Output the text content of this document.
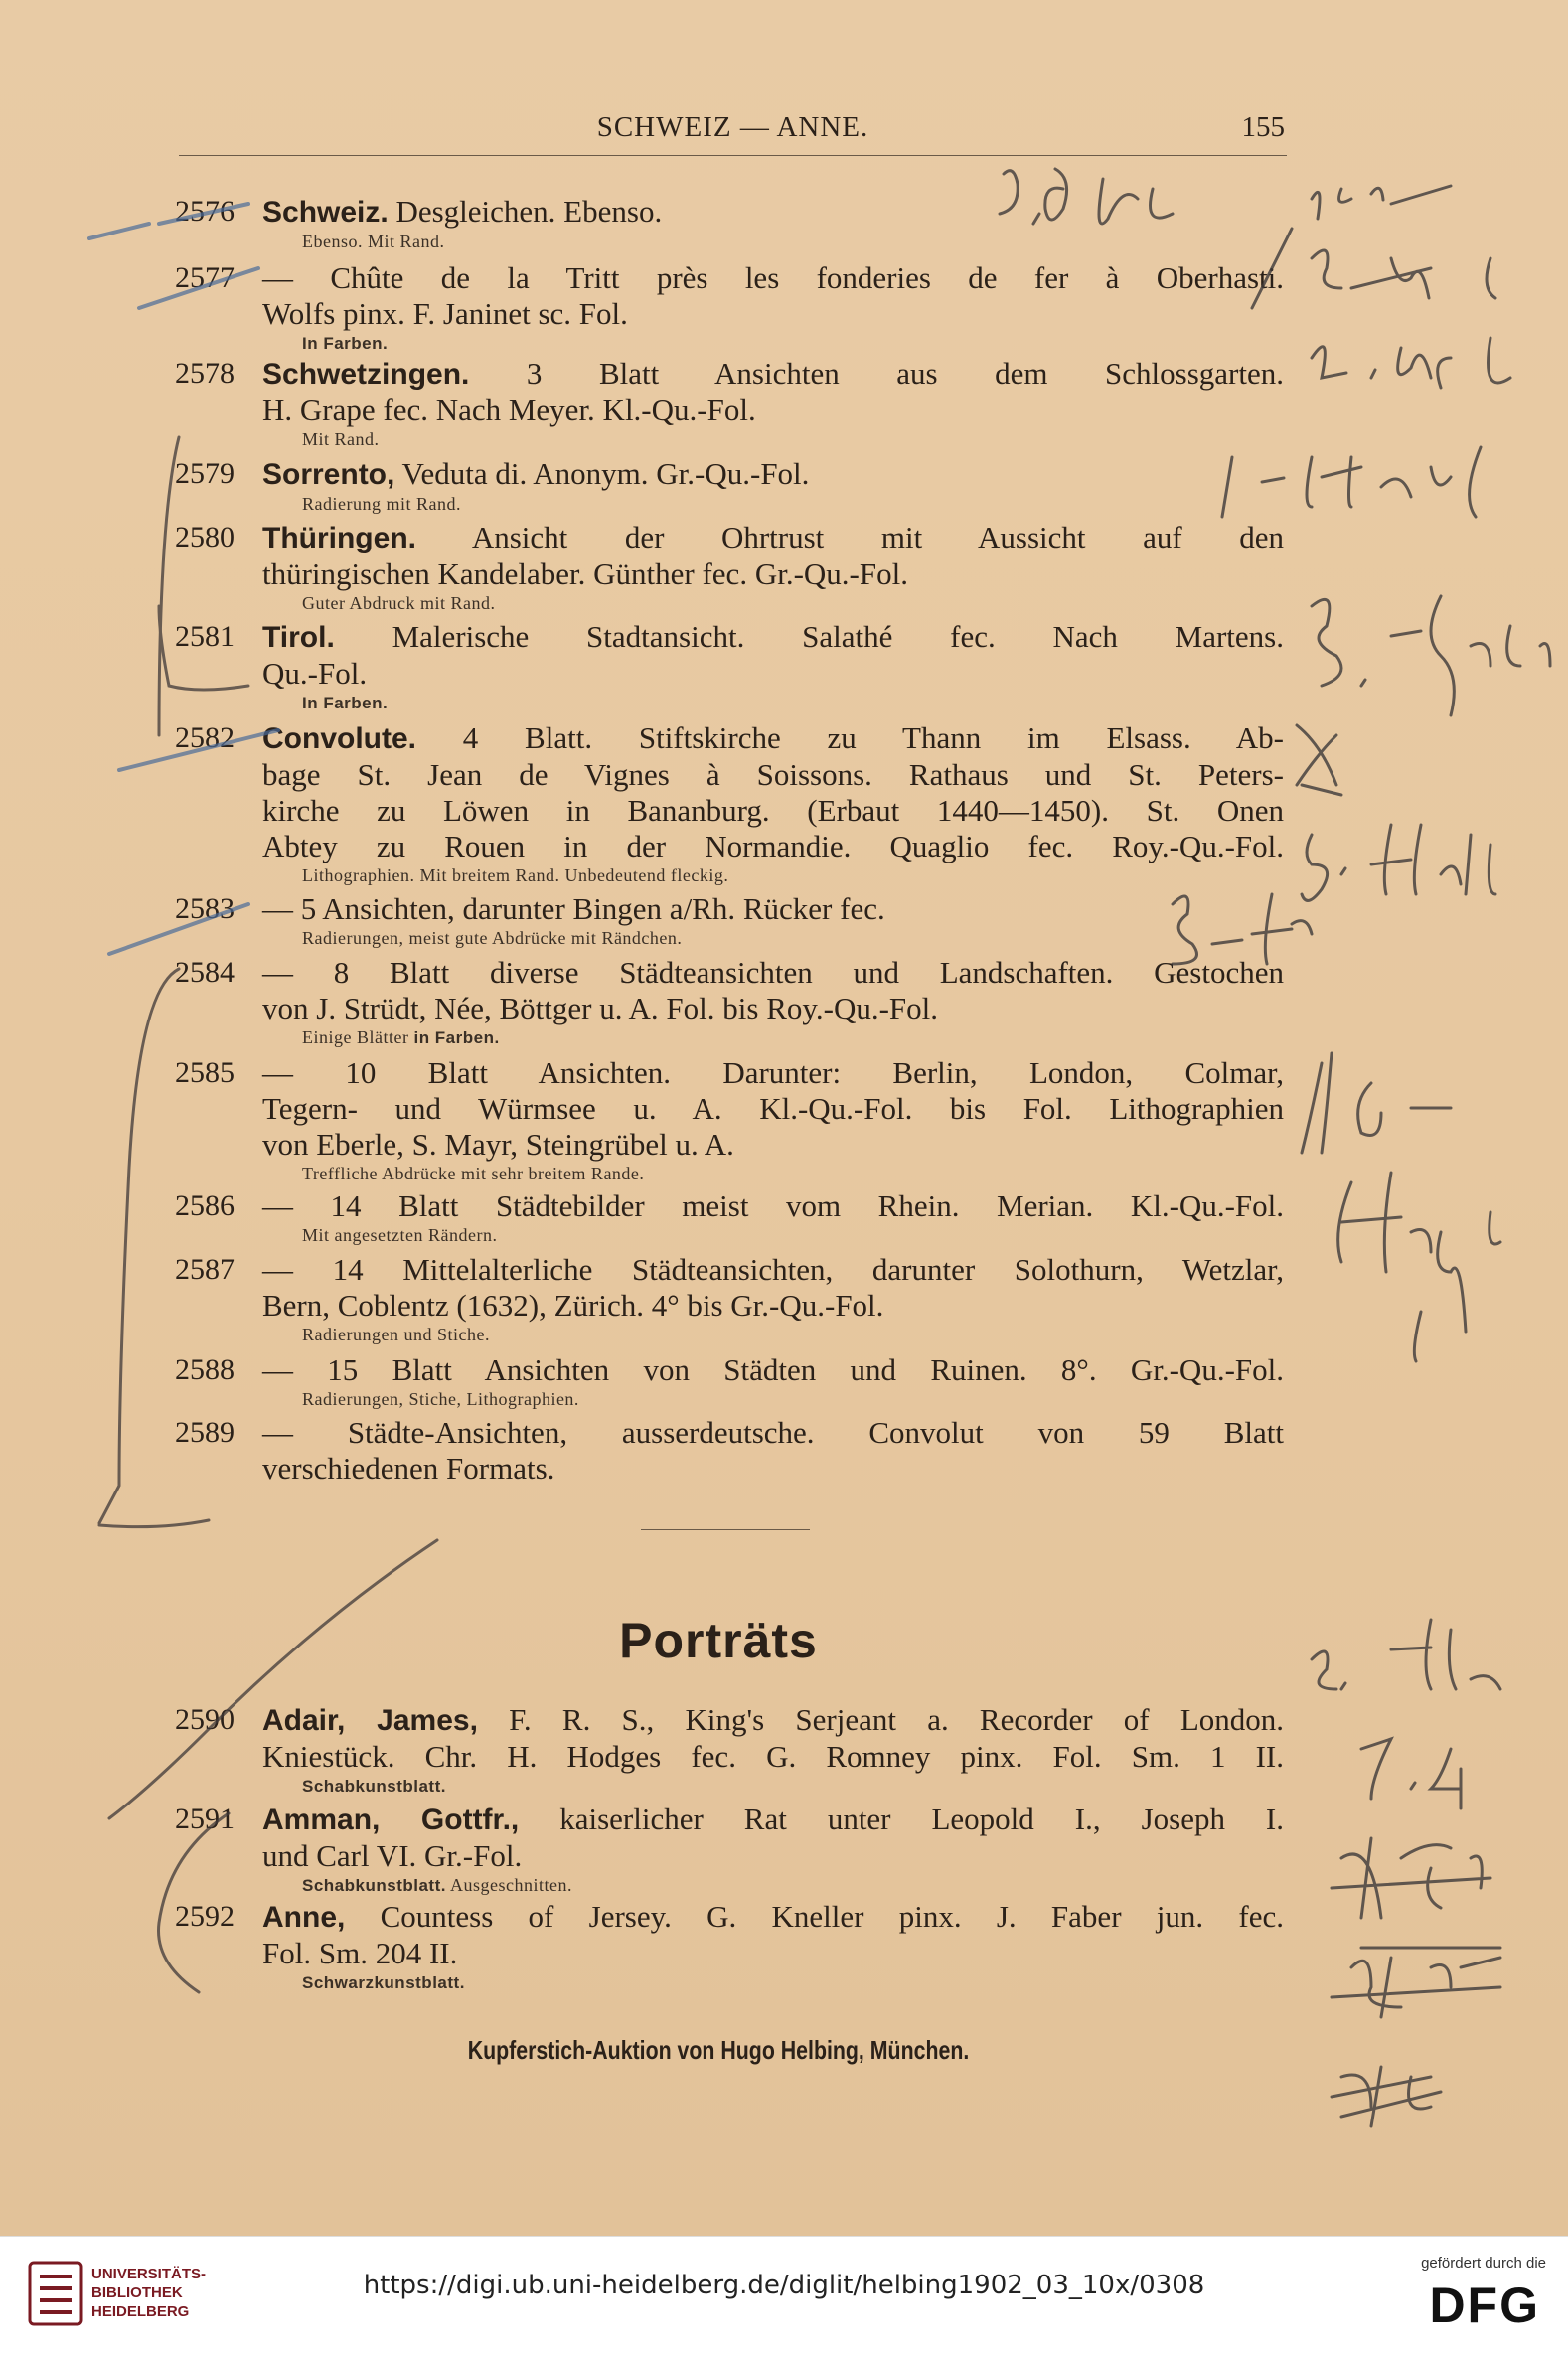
SCHWEIZ — ANNE.	155
2576 Schweiz. Desgleichen. Ebenso.
Ebenso. Mit Rand.
2577 — Chûte de la Tritt près les fonderies de fer à Oberhasti.
Wolfs pinx. F. Janinet sc. Fol.
In Farben.
2578 Schwetzingen. 3 Blatt Ansichten aus dem Schlossgarten.
H. Grape fec. Nach Meyer. Kl.-Qu.-Fol.
Mit Rand.
2579 Sorrento, Veduta di. Anonym. Gr.-Qu.-Fol.
Radierung mit Rand.
2580 Thüringen. Ansicht der Ohrtrust mit Aussicht auf den
thüringischen Kandelaber. Günther fec. Gr.-Qu.-Fol.
Guter Abdruck mit Rand.
2581 Tirol. Malerische Stadtansicht. Salathé fec. Nach Martens.
Qu.-Fol.
In Farben.
2582 Convolute. 4 Blatt. Stiftskirche zu Thann im Elsass. Ab-
bage St. Jean de Vignes à Soissons. Rathaus und St. Peters-
kirche zu Löwen in Bananburg. (Erbaut 1440—1450). St. Onen
Abtey zu Rouen in der Normandie. Quaglio fec. Roy.-Qu.-Fol.
Lithographien. Mit breitem Rand. Unbedeutend fleckig.
2583 — 5 Ansichten, darunter Bingen a/Rh. Rücker fec.
Radierungen, meist gute Abdrücke mit Rändchen.
2584 — 8 Blatt diverse Städteansichten und Landschaften. Gestochen
von J. Strüdt, Née, Böttger u. A. Fol. bis Roy.-Qu.-Fol.
Einige Blätter in Farben.
2585 — 10 Blatt Ansichten. Darunter: Berlin, London, Colmar,
Tegern- und Würmsee u. A. Kl.-Qu.-Fol. bis Fol. Lithographien
von Eberle, S. Mayr, Steingrübel u. A.
Treffliche Abdrücke mit sehr breitem Rande.
2586 — 14 Blatt Städtebilder meist vom Rhein. Merian. Kl.-Qu.-Fol.
Mit angesetzten Rändern.
2587 — 14 Mittelalterliche Städteansichten, darunter Solothurn, Wetzlar,
Bern, Coblentz (1632), Zürich. 4° bis Gr.-Qu.-Fol.
Radierungen und Stiche.
2588 — 15 Blatt Ansichten von Städten und Ruinen. 8°. Gr.-Qu.-Fol.
Radierungen, Stiche, Lithographien.
2589 — Städte-Ansichten, ausserdeutsche. Convolut von 59 Blatt
verschiedenen Formats.
Porträts
2590 Adair, James, F. R. S., King's Serjeant a. Recorder of London.
Kniestück. Chr. H. Hodges fec. G. Romney pinx. Fol. Sm. 1 II.
Schabkunstblatt.
2591 Amman, Gottfr., kaiserlicher Rat unter Leopold I., Joseph I.
und Carl VI. Gr.-Fol.
Schabkunstblatt. Ausgeschnitten.
2592 Anne, Countess of Jersey. G. Kneller pinx. J. Faber jun. fec.
Fol. Sm. 204 II.
Schwarzkunstblatt.
Kupferstich-Auktion von Hugo Helbing, München.
UNIVERSITÄTS-
BIBLIOTHEK
HEIDELBERG
https://digi.ub.uni-heidelberg.de/diglit/helbing1902_03_10x/0308
gefördert durch die
DFG
